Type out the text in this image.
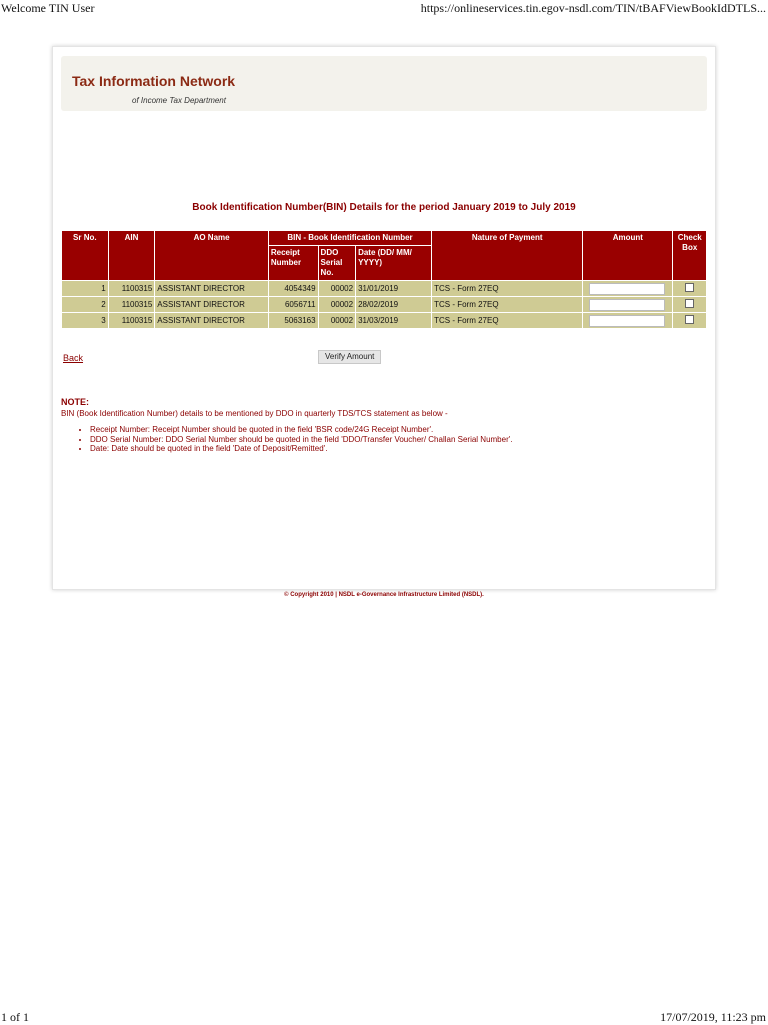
Welcome TIN User	https://onlineservices.tin.egov-nsdl.com/TIN/tBAFViewBookIdDTLS...
Tax Information Network
of Income Tax Department
Book Identification Number(BIN) Details for the period January 2019 to July 2019
Sr No.	AIN	AO Name	BIN - Book Identification Number			Nature of Payment	Amount	Check Box
			Receipt Number	DDO Serial No.	Date (DD/ MM/ YYYY)			
1	1100315	ASSISTANT DIRECTOR	4054349	00002	31/01/2019	TCS - Form 27EQ	

2	1100315	ASSISTANT DIRECTOR	6056711	00002	28/02/2019	TCS - Form 27EQ	

3	1100315	ASSISTANT DIRECTOR	5063163	00002	31/03/2019	TCS - Form 27EQ	

Back	Verify Amount
NOTE:
BIN (Book Identification Number) details to be mentioned by DDO in quarterly TDS/TCS statement as below -
• Receipt Number: Receipt Number should be quoted in the field 'BSR code/24G Receipt Number'.
• DDO Serial Number: DDO Serial Number should be quoted in the field 'DDO/Transfer Voucher/ Challan Serial Number'.
• Date: Date should be quoted in the field 'Date of Deposit/Remitted'.
© Copyright 2010 | NSDL e-Governance Infrastructure Limited (NSDL).
1 of 1	17/07/2019, 11:23 pm
